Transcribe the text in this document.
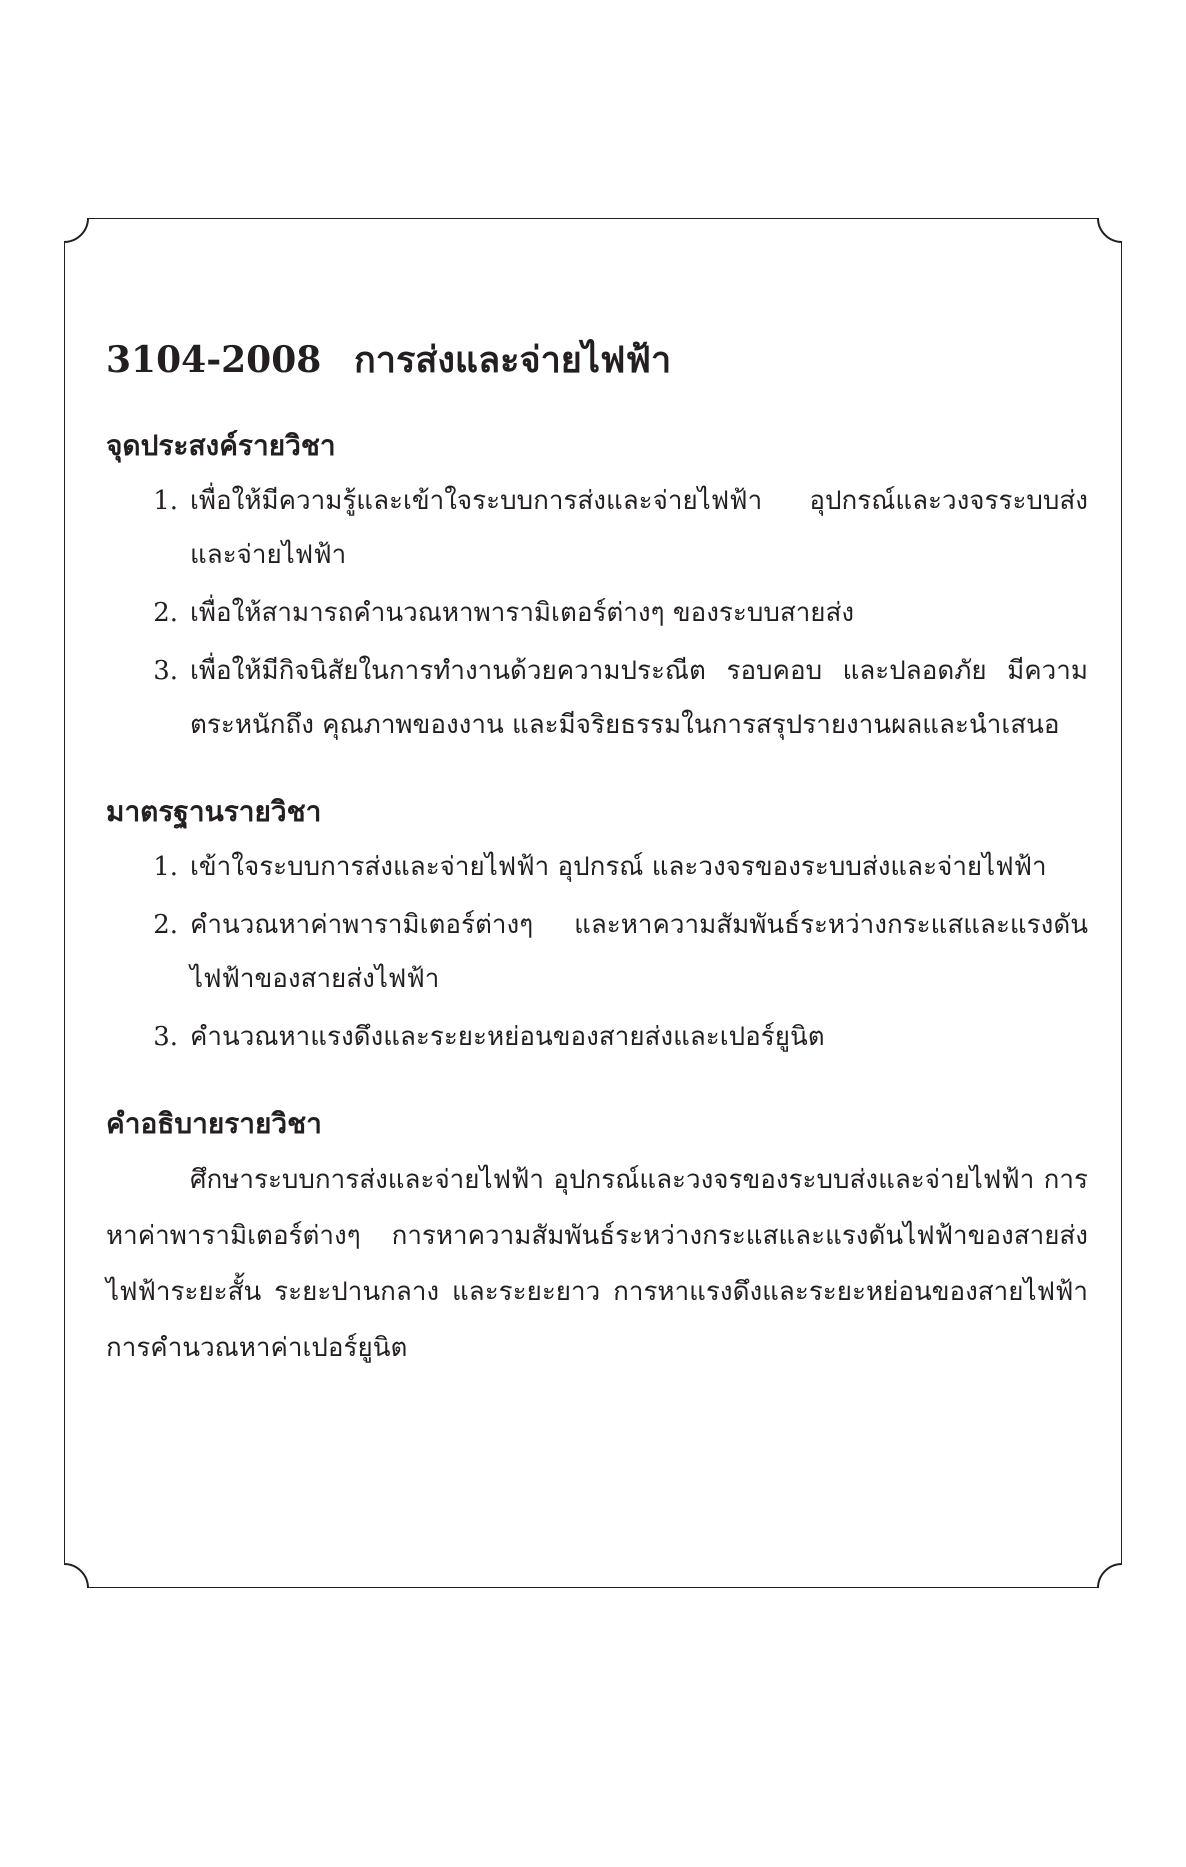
3104-2008 การส่งและจ่ายไฟฟ้า
จุดประสงค์รายวิชา
1. เพื่อให้มีความรู้และเข้าใจระบบการส่งและจ่ายไฟฟ้า อุปกรณ์และวงจรระบบส่งและจ่ายไฟฟ้า
2. เพื่อให้สามารถคำนวณหาพารามิเตอร์ต่างๆ ของระบบสายส่ง
3. เพื่อให้มีกิจนิสัยในการทำงานด้วยความประณีต รอบคอบ และปลอดภัย มีความตระหนักถึง คุณภาพของงาน และมีจริยธรรมในการสรุปรายงานผลและนำเสนอ
มาตรฐานรายวิชา
1. เข้าใจระบบการส่งและจ่ายไฟฟ้า อุปกรณ์ และวงจรของระบบส่งและจ่ายไฟฟ้า
2. คำนวณหาค่าพารามิเตอร์ต่างๆ และหาความสัมพันธ์ระหว่างกระแสและแรงดันไฟฟ้าของสายส่งไฟฟ้า
3. คำนวณหาแรงดึงและระยะหย่อนของสายส่งและเปอร์ยูนิต
คำอธิบายรายวิชา

ศึกษาระบบการส่งและจ่ายไฟฟ้า อุปกรณ์และวงจรของระบบส่งและจ่ายไฟฟ้า การหาค่าพารามิเตอร์ต่างๆ การหาความสัมพันธ์ระหว่างกระแสและแรงดันไฟฟ้าของสายส่งไฟฟ้าระยะสั้น ระยะปานกลาง และระยะยาว การหาแรงดึงและระยะหย่อนของสายไฟฟ้า การคำนวณหาค่าเปอร์ยูนิต
